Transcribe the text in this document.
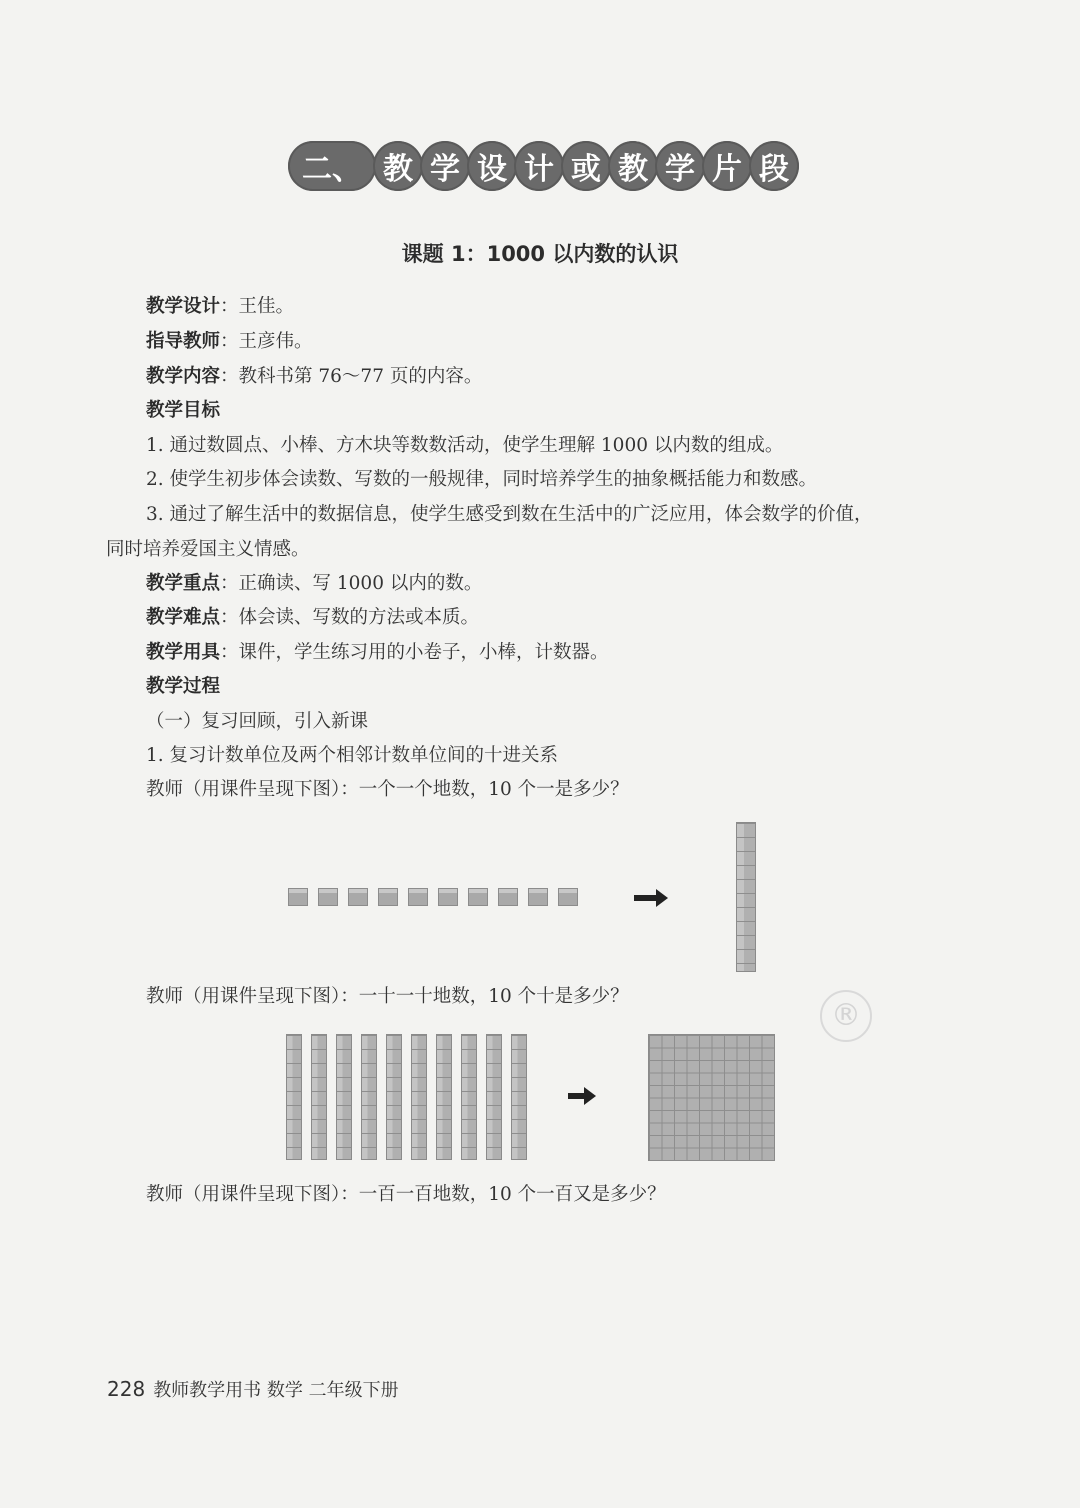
二、 教 学 设 计 或 教 学 片 段
课题 1：1000 以内数的认识
教学设计：王佳。
指导教师：王彦伟。
教学内容：教科书第 76～77 页的内容。
教学目标
1. 通过数圆点、小棒、方木块等数数活动，使学生理解 1000 以内数的组成。
2. 使学生初步体会读数、写数的一般规律，同时培养学生的抽象概括能力和数感。
3. 通过了解生活中的数据信息，使学生感受到数在生活中的广泛应用，体会数学的价值，
同时培养爱国主义情感。
教学重点：正确读、写 1000 以内的数。
教学难点：体会读、写数的方法或本质。
教学用具：课件，学生练习用的小卷子，小棒，计数器。
教学过程
（一）复习回顾，引入新课
1. 复习计数单位及两个相邻计数单位间的十进关系
教师（用课件呈现下图）：一个一个地数，10 个一是多少？
教师（用课件呈现下图）：一十一十地数，10 个十是多少？
®
教师（用课件呈现下图）：一百一百地数，10 个一百又是多少？
228 教师教学用书 数学 二年级下册
